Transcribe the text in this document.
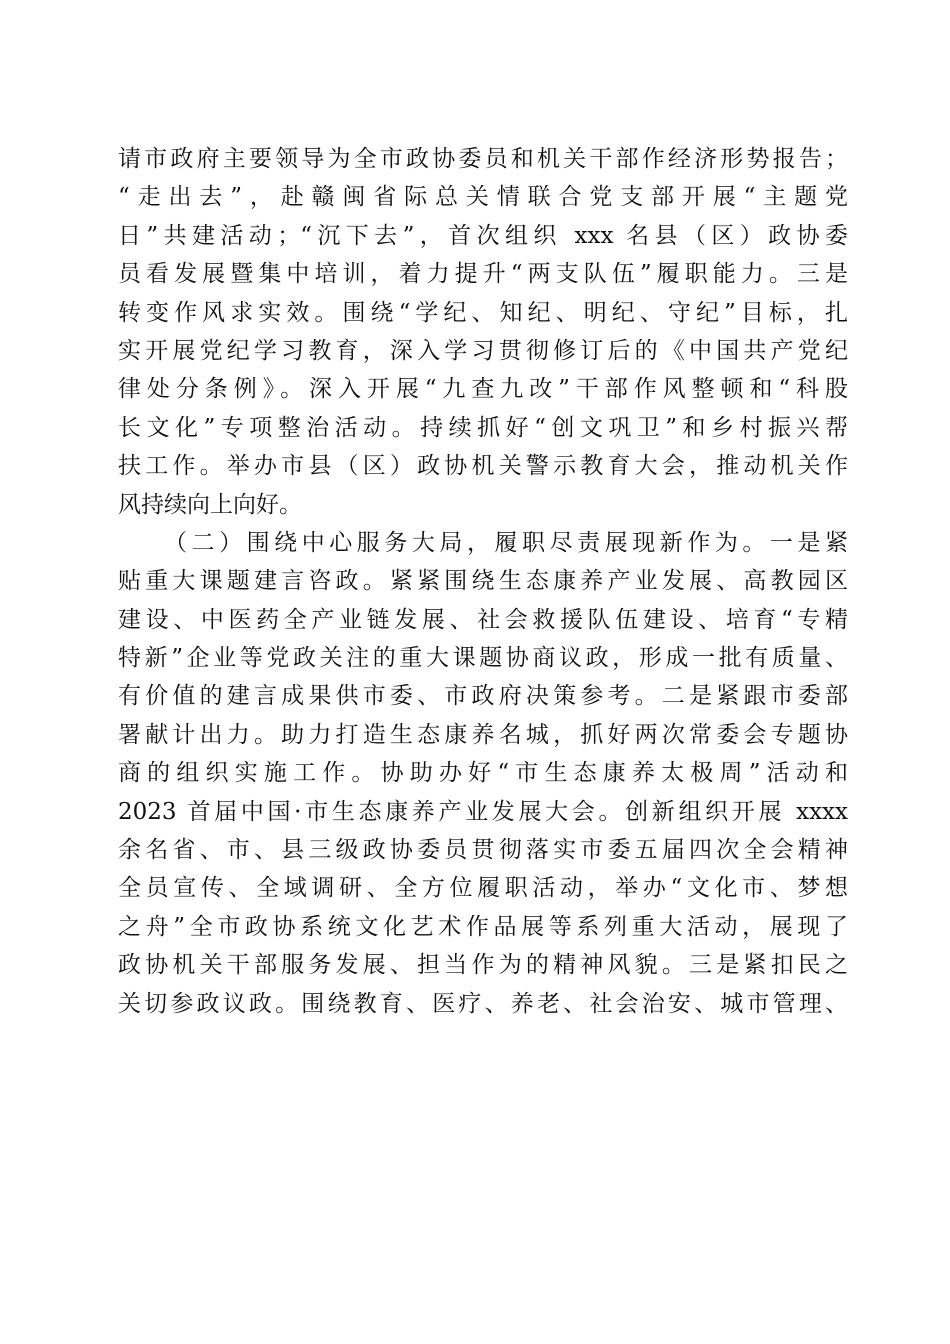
请市政府主要领导为全市政协委员和机关干部作经济形势报告；
“走出去”，赴赣闽省际总关情联合党支部开展“主题党
日”共建活动；“沉下去”，首次组织 xxx 名县（区）政协委
员看发展暨集中培训，着力提升“两支队伍”履职能力。三是
转变作风求实效。围绕“学纪、知纪、明纪、守纪”目标，扎
实开展党纪学习教育，深入学习贯彻修订后的《中国共产党纪
律处分条例》。深入开展“九查九改”干部作风整顿和“科股
长文化”专项整治活动。持续抓好“创文巩卫”和乡村振兴帮
扶工作。举办市县（区）政协机关警示教育大会，推动机关作
风持续向上向好。
（二）围绕中心服务大局，履职尽责展现新作为。一是紧
贴重大课题建言咨政。紧紧围绕生态康养产业发展、高教园区
建设、中医药全产业链发展、社会救援队伍建设、培育“专精
特新”企业等党政关注的重大课题协商议政，形成一批有质量、
有价值的建言成果供市委、市政府决策参考。二是紧跟市委部
署献计出力。助力打造生态康养名城，抓好两次常委会专题协
商的组织实施工作。协助办好“市生态康养太极周”活动和
2023 首届中国·市生态康养产业发展大会。创新组织开展 xxxx
余名省、市、县三级政协委员贯彻落实市委五届四次全会精神
全员宣传、全域调研、全方位履职活动，举办“文化市、梦想
之舟”全市政协系统文化艺术作品展等系列重大活动，展现了
政协机关干部服务发展、担当作为的精神风貌。三是紧扣民之
关切参政议政。围绕教育、医疗、养老、社会治安、城市管理、
